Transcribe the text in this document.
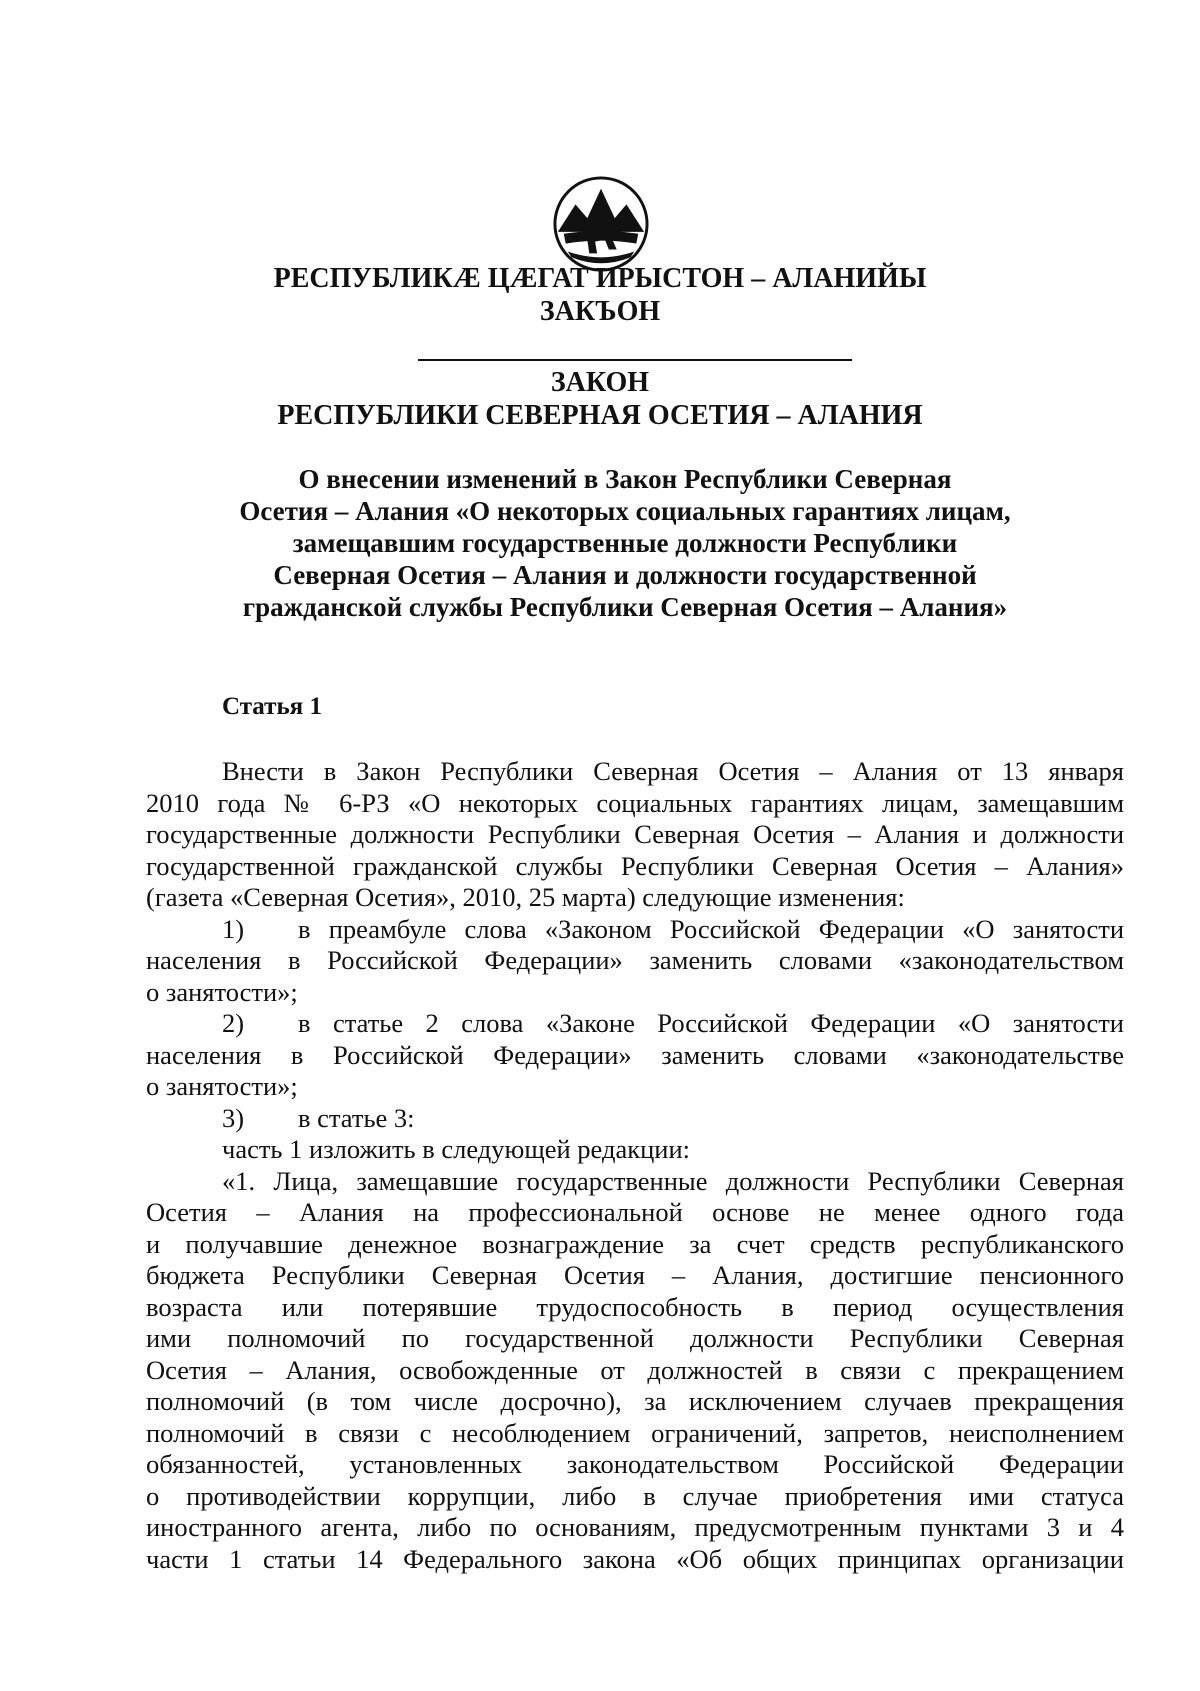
РЕСПУБЛИКӔ ЦӔГАТ ИРЫСТОН – АЛАНИЙЫ
ЗАКЪОН
ЗАКОН
РЕСПУБЛИКИ СЕВЕРНАЯ ОСЕТИЯ – АЛАНИЯ
О внесении изменений в Закон Республики Северная
Осетия – Алания «О некоторых социальных гарантиях лицам,
замещавшим государственные должности Республики
Северная Осетия – Алания и должности государственной
гражданской службы Республики Северная Осетия – Алания»
Статья 1
Внести в Закон Республики Северная Осетия – Алания от 13 января
2010 года № 6-РЗ «О некоторых социальных гарантиях лицам, замещавшим
государственные должности Республики Северная Осетия – Алания и должности
государственной гражданской службы Республики Северная Осетия – Алания»
(газета «Северная Осетия», 2010, 25 марта) следующие изменения:
1) в преамбуле слова «Законом Российской Федерации «О занятости
населения в Российской Федерации» заменить словами «законодательством
о занятости»;
2) в статье 2 слова «Законе Российской Федерации «О занятости
населения в Российской Федерации» заменить словами «законодательстве
о занятости»;
3) в статье 3:
часть 1 изложить в следующей редакции:
«1. Лица, замещавшие государственные должности Республики Северная
Осетия – Алания на профессиональной основе не менее одного года
и получавшие денежное вознаграждение за счет средств республиканского
бюджета Республики Северная Осетия – Алания, достигшие пенсионного
возраста или потерявшие трудоспособность в период осуществления
ими полномочий по государственной должности Республики Северная
Осетия – Алания, освобожденные от должностей в связи с прекращением
полномочий (в том числе досрочно), за исключением случаев прекращения
полномочий в связи с несоблюдением ограничений, запретов, неисполнением
обязанностей, установленных законодательством Российской Федерации
о противодействии коррупции, либо в случае приобретения ими статуса
иностранного агента, либо по основаниям, предусмотренным пунктами 3 и 4
части 1 статьи 14 Федерального закона «Об общих принципах организации
